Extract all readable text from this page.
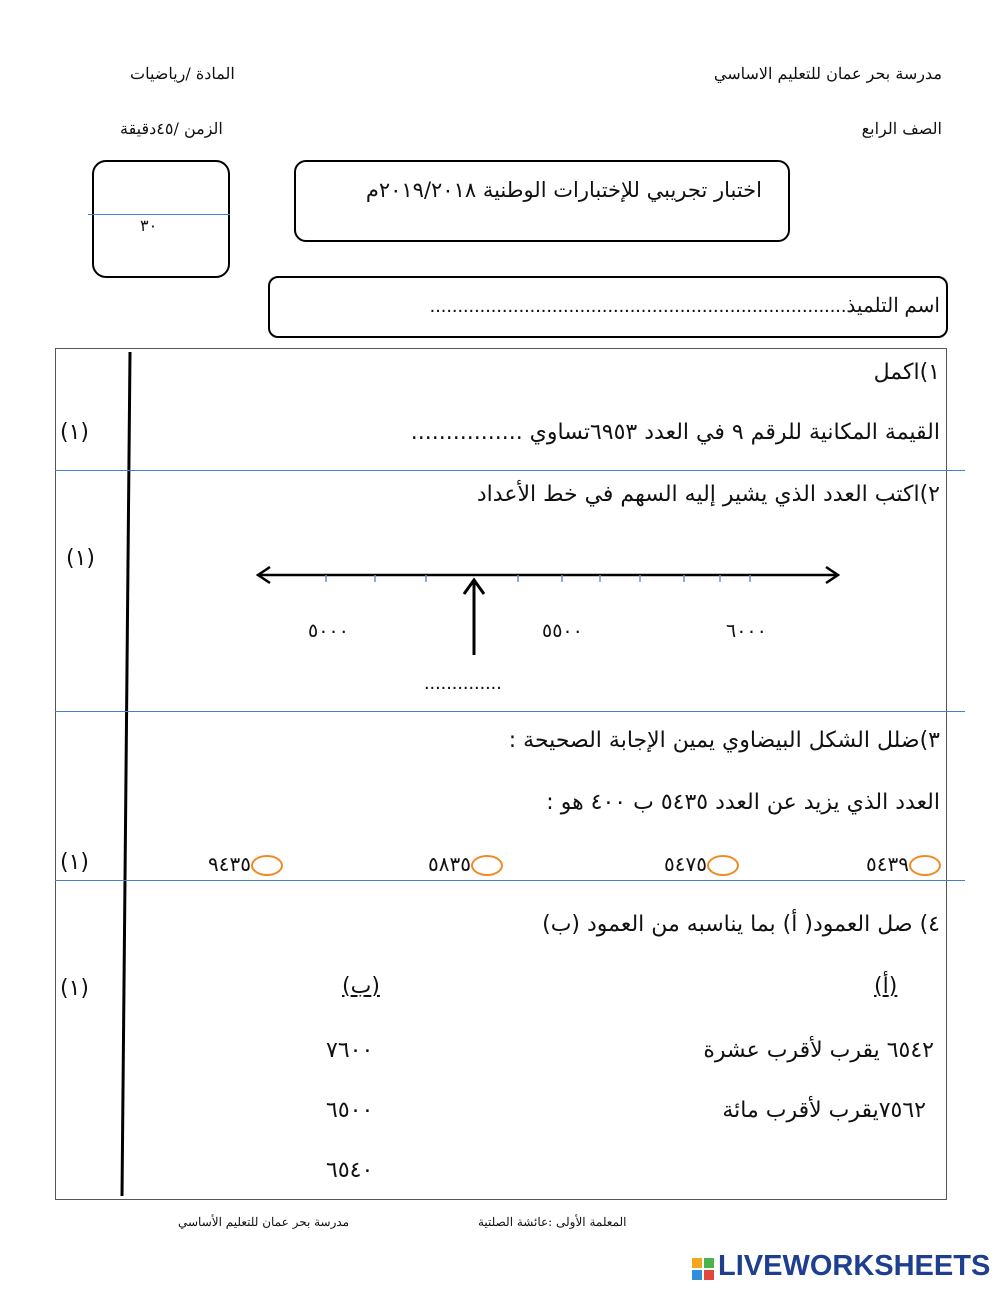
مدرسة بحر عمان للتعليم الاساسي
المادة /رياضيات
الصف الرابع
الزمن /٤٥دقيقة
٣٠
اختبار تجريبي للإختبارات الوطنية ٢٠١٩/٢٠١٨م
اسم التلميذ...........................................................................
١)اكمل
القيمة المكانية للرقم ٩ في العدد ٦٩٥٣تساوي ................
(١)
٢)اكتب العدد الذي يشير إليه السهم في خط الأعداد
(١)
٥٠٠٠	٥٥٠٠	٦٠٠٠
..............
٣)ضلل الشكل البيضاوي يمين الإجابة الصحيحة :
العدد الذي يزيد عن العدد ٥٤٣٥ ب ٤٠٠ هو :
(١)	٥٤٣٩
٥٤٧٥
٥٨٣٥
٩٤٣٥
٤) صل العمود( أ) بما يناسبه من العمود (ب)
(١)	(أ)
(ب)
٦٥٤٢ يقرب لأقرب عشرة
٧٥٦٢يقرب لأقرب مائة
٧٦٠٠
٦٥٠٠
٦٥٤٠
المعلمة الأولى :عائشة الصلتية
مدرسة بحر عمان للتعليم الأساسي
LIVEWORKSHEETS
